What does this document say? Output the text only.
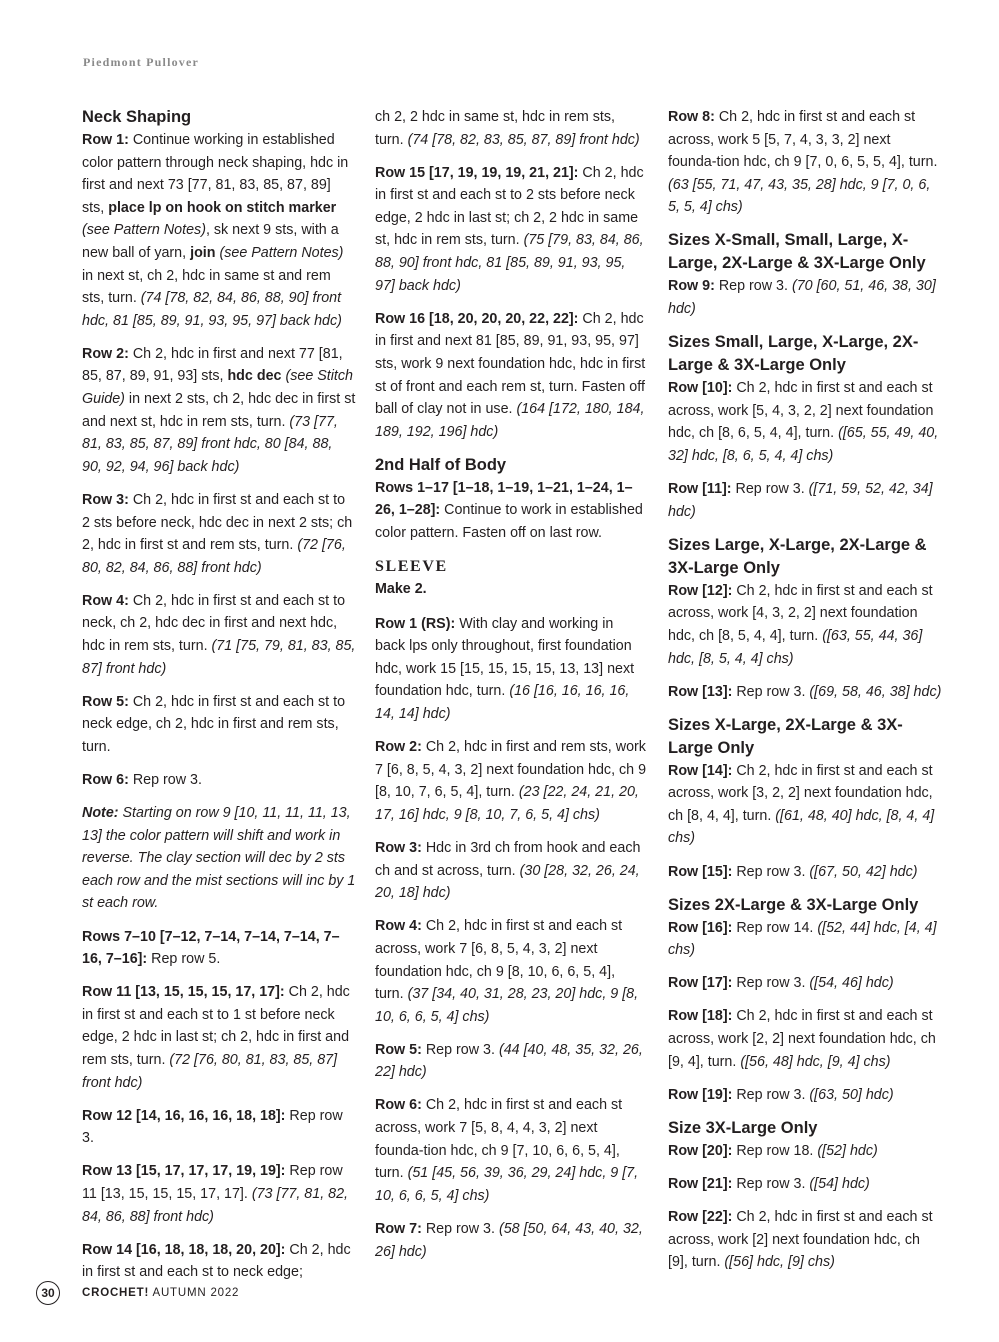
Piedmont Pullover
Neck Shaping

Row 1: Continue working in established color pattern through neck shaping, hdc in first and next 73 [77, 81, 83, 85, 87, 89] sts, place lp on hook on stitch marker (see Pattern Notes), sk next 9 sts, with a new ball of yarn, join (see Pattern Notes) in next st, ch 2, hdc in same st and rem sts, turn. (74 [78, 82, 84, 86, 88, 90] front hdc, 81 [85, 89, 91, 93, 95, 97] back hdc)

Row 2: Ch 2, hdc in first and next 77 [81, 85, 87, 89, 91, 93] sts, hdc dec (see Stitch Guide) in next 2 sts, ch 2, hdc dec in first st and next st, hdc in rem sts, turn. (73 [77, 81, 83, 85, 87, 89] front hdc, 80 [84, 88, 90, 92, 94, 96] back hdc)

Row 3: Ch 2, hdc in first st and each st to 2 sts before neck, hdc dec in next 2 sts; ch 2, hdc in first st and rem sts, turn. (72 [76, 80, 82, 84, 86, 88] front hdc)

Row 4: Ch 2, hdc in first st and each st to neck, ch 2, hdc dec in first and next hdc, hdc in rem sts, turn. (71 [75, 79, 81, 83, 85, 87] front hdc)

Row 5: Ch 2, hdc in first st and each st to neck edge, ch 2, hdc in first and rem sts, turn.

Row 6: Rep row 3.

Note: Starting on row 9 [10, 11, 11, 11, 13, 13] the color pattern will shift and work in reverse. The clay section will dec by 2 sts each row and the mist sections will inc by 1 st each row.

Rows 7–10 [7–12, 7–14, 7–14, 7–14, 7–16, 7–16]: Rep row 5.

Row 11 [13, 15, 15, 15, 17, 17]: Ch 2, hdc in first st and each st to 1 st before neck edge, 2 hdc in last st; ch 2, hdc in first and rem sts, turn. (72 [76, 80, 81, 83, 85, 87] front hdc)

Row 12 [14, 16, 16, 16, 18, 18]: Rep row 3.

Row 13 [15, 17, 17, 17, 19, 19]: Rep row 11 [13, 15, 15, 15, 17, 17]. (73 [77, 81, 82, 84, 86, 88] front hdc)

Row 14 [16, 18, 18, 18, 20, 20]: Ch 2, hdc in first st and each st to neck edge;

ch 2, 2 hdc in same st, hdc in rem sts, turn. (74 [78, 82, 83, 85, 87, 89] front hdc)

Row 15 [17, 19, 19, 19, 21, 21]: Ch 2, hdc in first st and each st to 2 sts before neck edge, 2 hdc in last st; ch 2, 2 hdc in same st, hdc in rem sts, turn. (75 [79, 83, 84, 86, 88, 90] front hdc, 81 [85, 89, 91, 93, 95, 97] back hdc)

Row 16 [18, 20, 20, 20, 22, 22]: Ch 2, hdc in first and next 81 [85, 89, 91, 93, 95, 97] sts, work 9 next foundation hdc, hdc in first st of front and each rem st, turn. Fasten off ball of clay not in use. (164 [172, 180, 184, 189, 192, 196] hdc)

2nd Half of Body

Rows 1–17 [1–18, 1–19, 1–21, 1–24, 1–26, 1–28]: Continue to work in established color pattern. Fasten off on last row.

SLEEVE
Make 2.

Row 1 (RS): With clay and working in back lps only throughout, first foundation hdc, work 15 [15, 15, 15, 15, 13, 13] next foundation hdc, turn. (16 [16, 16, 16, 16, 14, 14] hdc)

Row 2: Ch 2, hdc in first and rem sts, work 7 [6, 8, 5, 4, 3, 2] next foundation hdc, ch 9 [8, 10, 7, 6, 5, 4], turn. (23 [22, 24, 21, 20, 17, 16] hdc, 9 [8, 10, 7, 6, 5, 4] chs)

Row 3: Hdc in 3rd ch from hook and each ch and st across, turn. (30 [28, 32, 26, 24, 20, 18] hdc)

Row 4: Ch 2, hdc in first st and each st across, work 7 [6, 8, 5, 4, 3, 2] next foundation hdc, ch 9 [8, 10, 6, 6, 5, 4], turn. (37 [34, 40, 31, 28, 23, 20] hdc, 9 [8, 10, 6, 6, 5, 4] chs)

Row 5: Rep row 3. (44 [40, 48, 35, 32, 26, 22] hdc)

Row 6: Ch 2, hdc in first st and each st across, work 7 [5, 8, 4, 4, 3, 2] next founda-tion hdc, ch 9 [7, 10, 6, 6, 5, 4], turn. (51 [45, 56, 39, 36, 29, 24] hdc, 9 [7, 10, 6, 6, 5, 4] chs)

Row 7: Rep row 3. (58 [50, 64, 43, 40, 32, 26] hdc)

Row 8: Ch 2, hdc in first st and each st across, work 5 [5, 7, 4, 3, 3, 2] next founda-tion hdc, ch 9 [7, 0, 6, 5, 5, 4], turn. (63 [55, 71, 47, 43, 35, 28] hdc, 9 [7, 0, 6, 5, 5, 4] chs)

Sizes X-Small, Small, Large, X-Large, 2X-Large & 3X-Large Only

Row 9: Rep row 3. (70 [60, 51, 46, 38, 30] hdc)

Sizes Small, Large, X-Large, 2X-Large & 3X-Large Only

Row [10]: Ch 2, hdc in first st and each st across, work [5, 4, 3, 2, 2] next foundation hdc, ch [8, 6, 5, 4, 4], turn. ([65, 55, 49, 40, 32] hdc, [8, 6, 5, 4, 4] chs)

Row [11]: Rep row 3. ([71, 59, 52, 42, 34] hdc)

Sizes Large, X-Large, 2X-Large & 3X-Large Only

Row [12]: Ch 2, hdc in first st and each st across, work [4, 3, 2, 2] next foundation hdc, ch [8, 5, 4, 4], turn. ([63, 55, 44, 36] hdc, [8, 5, 4, 4] chs)

Row [13]: Rep row 3. ([69, 58, 46, 38] hdc)

Sizes X-Large, 2X-Large & 3X-Large Only

Row [14]: Ch 2, hdc in first st and each st across, work [3, 2, 2] next foundation hdc, ch [8, 4, 4], turn. ([61, 48, 40] hdc, [8, 4, 4] chs)

Row [15]: Rep row 3. ([67, 50, 42] hdc)

Sizes 2X-Large & 3X-Large Only

Row [16]: Rep row 14. ([52, 44] hdc, [4, 4] chs)

Row [17]: Rep row 3. ([54, 46] hdc)

Row [18]: Ch 2, hdc in first st and each st across, work [2, 2] next foundation hdc, ch [9, 4], turn. ([56, 48] hdc, [9, 4] chs)

Row [19]: Rep row 3. ([63, 50] hdc)

Size 3X-Large Only

Row [20]: Rep row 18. ([52] hdc)

Row [21]: Rep row 3. ([54] hdc)

Row [22]: Ch 2, hdc in first st and each st across, work [2] next foundation hdc, ch [9], turn. ([56] hdc, [9] chs)

30	CROCHET! AUTUMN 2022
